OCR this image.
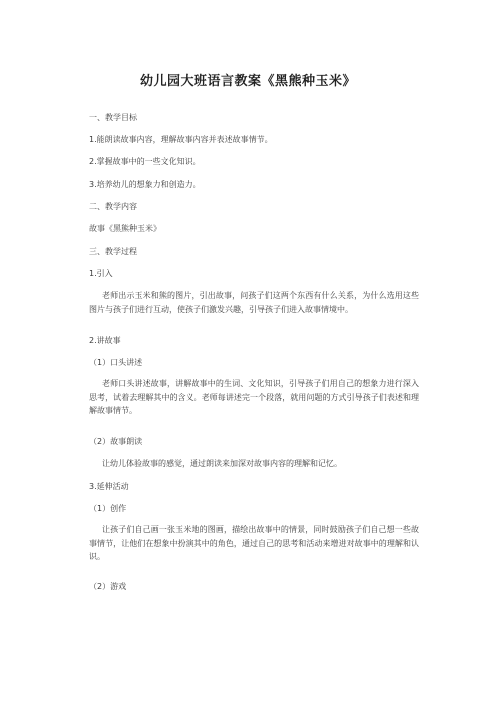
幼儿园大班语言教案《黑熊种玉米》
一、教学目标
1.能朗读故事内容，理解故事内容并表述故事情节。
2.掌握故事中的一些文化知识。
3.培养幼儿的想象力和创造力。
二、教学内容
故事《黑熊种玉米》
三、教学过程
1.引入
老师出示玉米和熊的图片，引出故事，问孩子们这两个东西有什么关系，为什么选用这些图片与孩子们进行互动，使孩子们激发兴趣，引导孩子们进入故事情境中。
2.讲故事
（1）口头讲述
老师口头讲述故事，讲解故事中的生词、文化知识，引导孩子们用自己的想象力进行深入思考，试着去理解其中的含义。老师每讲述完一个段落，就用问题的方式引导孩子们表述和理解故事情节。
（2）故事朗读
让幼儿体验故事的感觉，通过朗读来加深对故事内容的理解和记忆。
3.延伸活动
（1）创作
让孩子们自己画一张玉米地的图画，描绘出故事中的情景，同时鼓励孩子们自己想一些故事情节，让他们在想象中扮演其中的角色，通过自己的思考和活动来增进对故事中的理解和认识。
（2）游戏
